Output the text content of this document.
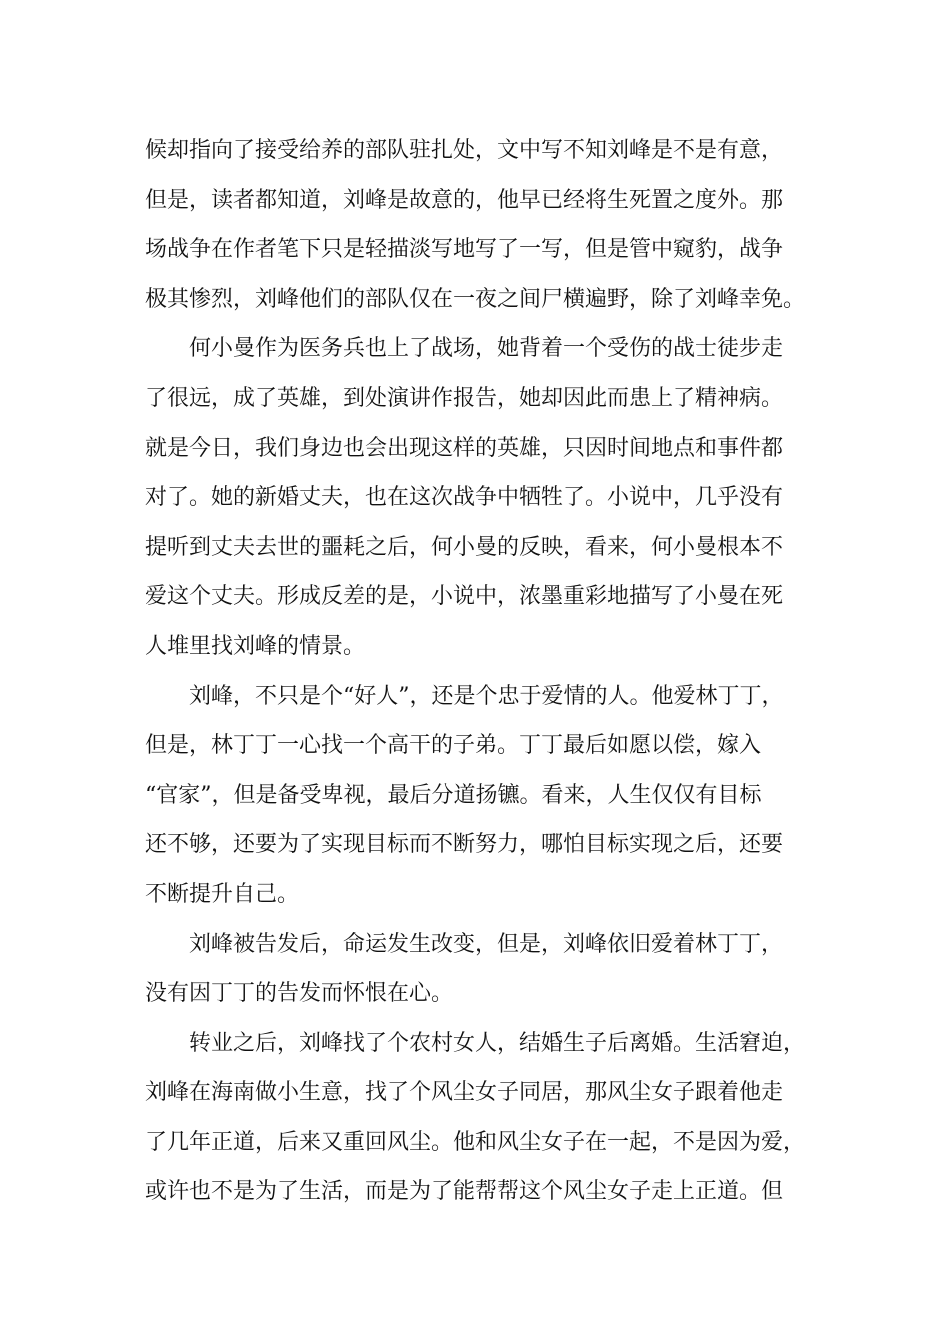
候却指向了接受给养的部队驻扎处，文中写不知刘峰是不是有意，
但是，读者都知道，刘峰是故意的，他早已经将生死置之度外。那
场战争在作者笔下只是轻描淡写地写了一写，但是管中窥豹，战争
极其惨烈，刘峰他们的部队仅在一夜之间尸横遍野，除了刘峰幸免。
何小曼作为医务兵也上了战场，她背着一个受伤的战士徒步走
了很远，成了英雄，到处演讲作报告，她却因此而患上了精神病。
就是今日，我们身边也会出现这样的英雄，只因时间地点和事件都
对了。她的新婚丈夫，也在这次战争中牺牲了。小说中，几乎没有
提听到丈夫去世的噩耗之后，何小曼的反映，看来，何小曼根本不
爱这个丈夫。形成反差的是，小说中，浓墨重彩地描写了小曼在死
人堆里找刘峰的情景。
刘峰，不只是个“好人”，还是个忠于爱情的人。他爱林丁丁，
但是，林丁丁一心找一个高干的子弟。丁丁最后如愿以偿，嫁入
“官家”，但是备受卑视，最后分道扬镳。看来，人生仅仅有目标
还不够，还要为了实现目标而不断努力，哪怕目标实现之后，还要
不断提升自己。
刘峰被告发后，命运发生改变，但是，刘峰依旧爱着林丁丁，
没有因丁丁的告发而怀恨在心。
转业之后，刘峰找了个农村女人，结婚生子后离婚。生活窘迫，
刘峰在海南做小生意，找了个风尘女子同居，那风尘女子跟着他走
了几年正道，后来又重回风尘。他和风尘女子在一起，不是因为爱，
或许也不是为了生活，而是为了能帮帮这个风尘女子走上正道。但
